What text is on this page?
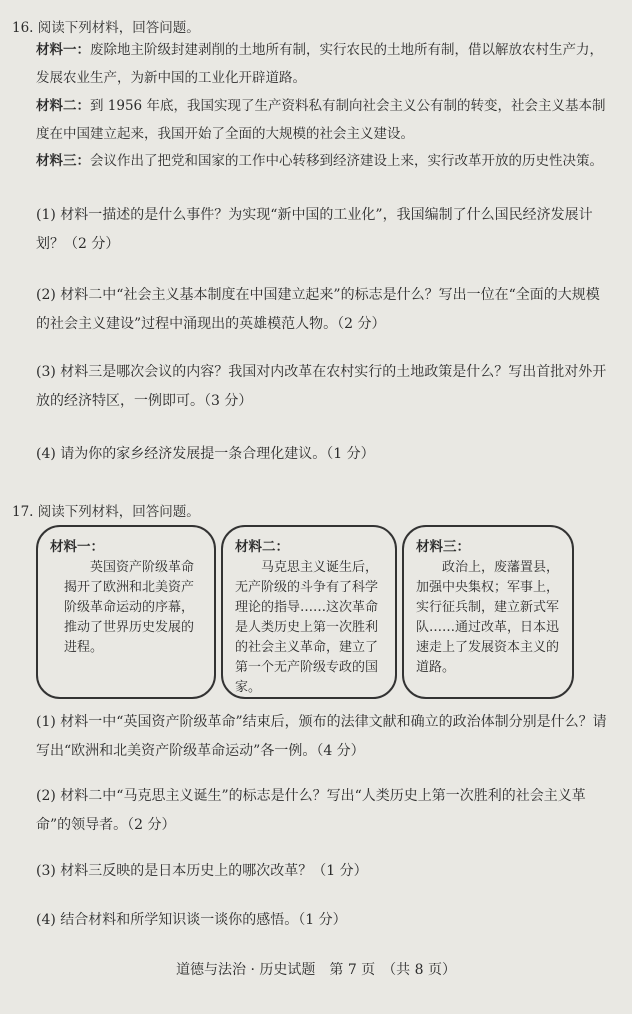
16. 阅读下列材料，回答问题。
材料一：废除地主阶级封建剥削的土地所有制，实行农民的土地所有制，借以解放农村生产力，发展农业生产，为新中国的工业化开辟道路。
材料二：到 1956 年底，我国实现了生产资料私有制向社会主义公有制的转变，社会主义基本制度在中国建立起来，我国开始了全面的大规模的社会主义建设。
材料三：会议作出了把党和国家的工作中心转移到经济建设上来，实行改革开放的历史性决策。
(1) 材料一描述的是什么事件？为实现“新中国的工业化”，我国编制了什么国民经济发展计划？（2 分）
(2) 材料二中“社会主义基本制度在中国建立起来”的标志是什么？写出一位在“全面的大规模的社会主义建设”过程中涌现出的英雄模范人物。（2 分）
(3) 材料三是哪次会议的内容？我国对内改革在农村实行的土地政策是什么？写出首批对外开放的经济特区，一例即可。（3 分）
(4) 请为你的家乡经济发展提一条合理化建议。（1 分）
17. 阅读下列材料，回答问题。
材料一：
英国资产阶级革命揭开了欧洲和北美资产阶级革命运动的序幕，推动了世界历史发展的进程。
材料二：
马克思主义诞生后，无产阶级的斗争有了科学理论的指导……这次革命是人类历史上第一次胜利的社会主义革命，建立了第一个无产阶级专政的国家。
材料三：
政治上，废藩置县，加强中央集权；军事上，实行征兵制，建立新式军队……通过改革，日本迅速走上了发展资本主义的道路。
(1) 材料一中“英国资产阶级革命”结束后，颁布的法律文献和确立的政治体制分别是什么？请写出“欧洲和北美资产阶级革命运动”各一例。（4 分）
(2) 材料二中“马克思主义诞生”的标志是什么？写出“人类历史上第一次胜利的社会主义革命”的领导者。（2 分）
(3) 材料三反映的是日本历史上的哪次改革？（1 分）
(4) 结合材料和所学知识谈一谈你的感悟。（1 分）
道德与法治 · 历史试题　第 7 页　（共 8 页）
